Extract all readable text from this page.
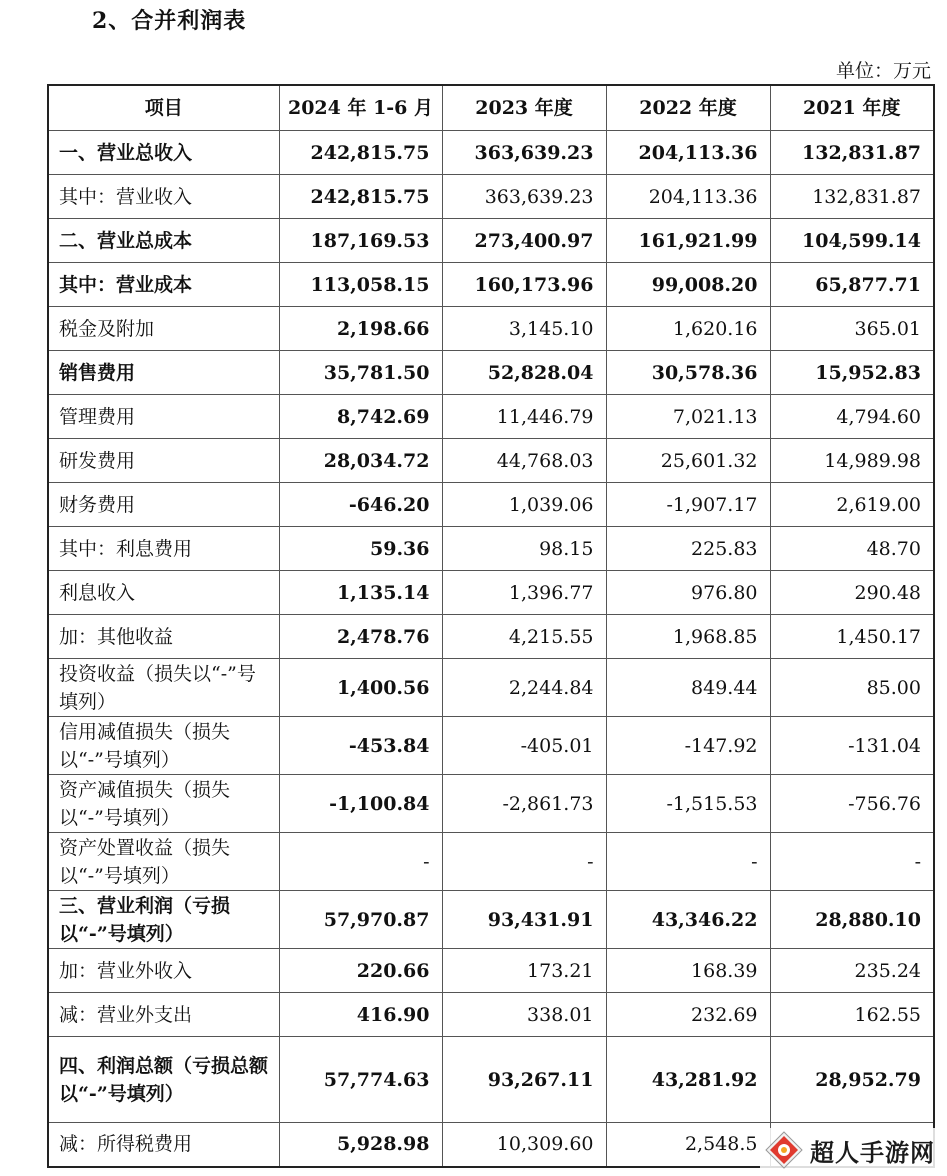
2、合并利润表
单位：万元
项目	2024 年 1-6 月	2023 年度	2022 年度	2021 年度
一、营业总收入	242,815.75	363,639.23	204,113.36	132,831.87
其中：营业收入	242,815.75	363,639.23	204,113.36	132,831.87
二、营业总成本	187,169.53	273,400.97	161,921.99	104,599.14
其中：营业成本	113,058.15	160,173.96	99,008.20	65,877.71
税金及附加	2,198.66	3,145.10	1,620.16	365.01
销售费用	35,781.50	52,828.04	30,578.36	15,952.83
管理费用	8,742.69	11,446.79	7,021.13	4,794.60
研发费用	28,034.72	44,768.03	25,601.32	14,989.98
财务费用	-646.20	1,039.06	-1,907.17	2,619.00
其中：利息费用	59.36	98.15	225.83	48.70
利息收入	1,135.14	1,396.77	976.80	290.48
加：其他收益	2,478.76	4,215.55	1,968.85	1,450.17
投资收益（损失以“-”号填列）	1,400.56	2,244.84	849.44	85.00
信用减值损失（损失以“-”号填列）	-453.84	-405.01	-147.92	-131.04
资产减值损失（损失以“-”号填列）	-1,100.84	-2,861.73	-1,515.53	-756.76
资产处置收益（损失以“-”号填列）	-	-	-	-
三、营业利润（亏损以“-”号填列）	57,970.87	93,431.91	43,346.22	28,880.10
加：营业外收入	220.66	173.21	168.39	235.24
减：营业外支出	416.90	338.01	232.69	162.55
四、利润总额（亏损总额以“-”号填列）	57,774.63	93,267.11	43,281.92	28,952.79
减：所得税费用	5,928.98	10,309.60	2,548.5	超人手游网
